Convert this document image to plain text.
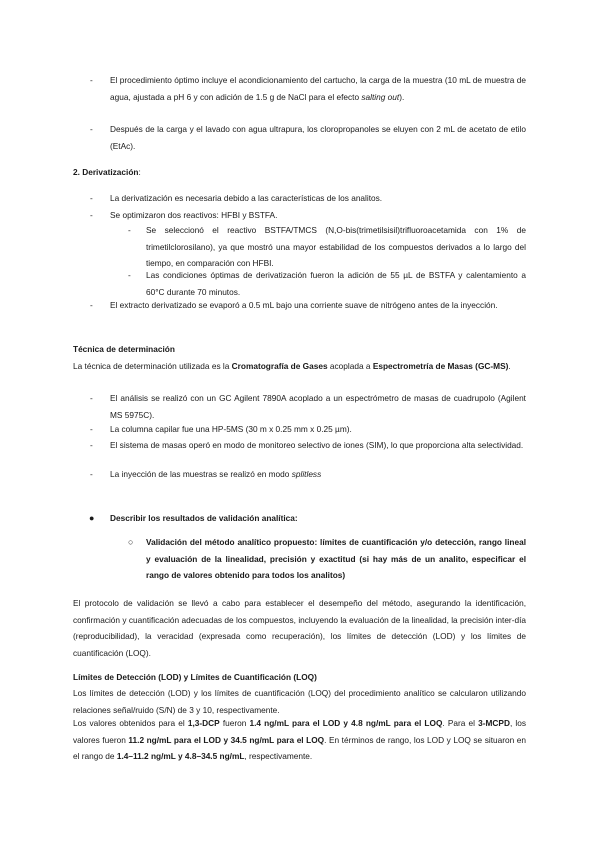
- El procedimiento óptimo incluye el acondicionamiento del cartucho, la carga de la muestra (10 mL de muestra de agua, ajustada a pH 6 y con adición de 1.5 g de NaCl para el efecto salting out).
- Después de la carga y el lavado con agua ultrapura, los cloropropanoles se eluyen con 2 mL de acetato de etilo (EtAc).
2. Derivatización:
- La derivatización es necesaria debido a las características de los analitos.
- Se optimizaron dos reactivos: HFBI y BSTFA.
- Se seleccionó el reactivo BSTFA/TMCS (N,O-bis(trimetilsisil)trifluoroacetamida con 1% de trimetilclorosilano), ya que mostró una mayor estabilidad de los compuestos derivados a lo largo del tiempo, en comparación con HFBI.
- Las condiciones óptimas de derivatización fueron la adición de 55 µL de BSTFA y calentamiento a 60°C durante 70 minutos.
- El extracto derivatizado se evaporó a 0.5 mL bajo una corriente suave de nitrógeno antes de la inyección.
Técnica de determinación
La técnica de determinación utilizada es la Cromatografía de Gases acoplada a Espectrometría de Masas (GC-MS).
- El análisis se realizó con un GC Agilent 7890A acoplado a un espectrómetro de masas de cuadrupolo (Agilent MS 5975C).
- La columna capilar fue una HP-5MS (30 m x 0.25 mm x 0.25 µm).
- El sistema de masas operó en modo de monitoreo selectivo de iones (SIM), lo que proporciona alta selectividad.
- La inyección de las muestras se realizó en modo splitless
● Describir los resultados de validación analítica:
○ Validación del método analítico propuesto: límites de cuantificación y/o detección, rango lineal y evaluación de la linealidad, precisión y exactitud (si hay más de un analito, especificar el rango de valores obtenido para todos los analitos)
El protocolo de validación se llevó a cabo para establecer el desempeño del método, asegurando la identificación, confirmación y cuantificación adecuadas de los compuestos, incluyendo la evaluación de la linealidad, la precisión inter-día (reproducibilidad), la veracidad (expresada como recuperación), los límites de detección (LOD) y los límites de cuantificación (LOQ).
Límites de Detección (LOD) y Límites de Cuantificación (LOQ)
Los límites de detección (LOD) y los límites de cuantificación (LOQ) del procedimiento analítico se calcularon utilizando relaciones señal/ruido (S/N) de 3 y 10, respectivamente.
Los valores obtenidos para el 1,3-DCP fueron 1.4 ng/mL para el LOD y 4.8 ng/mL para el LOQ. Para el 3-MCPD, los valores fueron 11.2 ng/mL para el LOD y 34.5 ng/mL para el LOQ. En términos de rango, los LOD y LOQ se situaron en el rango de 1.4–11.2 ng/mL y 4.8–34.5 ng/mL, respectivamente.
